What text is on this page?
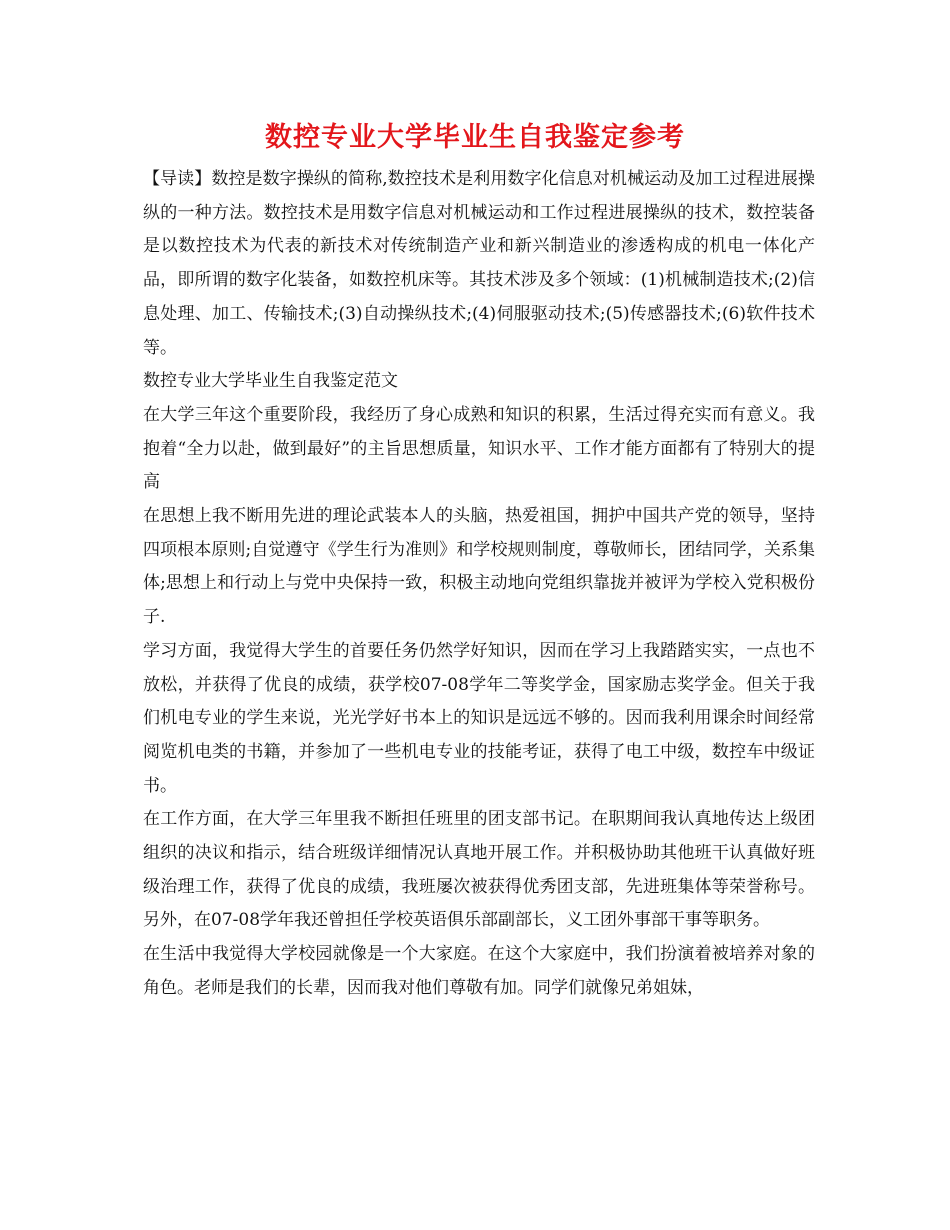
数控专业大学毕业生自我鉴定参考

【导读】数控是数字操纵的简称,数控技术是利用数字化信息对机械运动及加工过程进展操纵的一种方法。数控技术是用数字信息对机械运动和工作过程进展操纵的技术，数控装备是以数控技术为代表的新技术对传统制造产业和新兴制造业的渗透构成的机电一体化产品，即所谓的数字化装备，如数控机床等。其技术涉及多个领域：(1)机械制造技术;(2)信息处理、加工、传输技术;(3)自动操纵技术;(4)伺服驱动技术;(5)传感器技术;(6)软件技术等。

数控专业大学毕业生自我鉴定范文

在大学三年这个重要阶段，我经历了身心成熟和知识的积累，生活过得充实而有意义。我抱着“全力以赴，做到最好”的主旨思想质量，知识水平、工作才能方面都有了特别大的提高

在思想上我不断用先进的理论武装本人的头脑，热爱祖国，拥护中国共产党的领导，坚持四项根本原则;自觉遵守《学生行为准则》和学校规则制度，尊敬师长，团结同学，关系集体;思想上和行动上与党中央保持一致，积极主动地向党组织靠拢并被评为学校入党积极份子.

学习方面，我觉得大学生的首要任务仍然学好知识，因而在学习上我踏踏实实，一点也不放松，并获得了优良的成绩，获学校07-08学年二等奖学金，国家励志奖学金。但关于我们机电专业的学生来说，光光学好书本上的知识是远远不够的。因而我利用课余时间经常阅览机电类的书籍，并参加了一些机电专业的技能考证，获得了电工中级，数控车中级证书。

在工作方面，在大学三年里我不断担任班里的团支部书记。在职期间我认真地传达上级团组织的决议和指示，结合班级详细情况认真地开展工作。并积极协助其他班干认真做好班级治理工作，获得了优良的成绩，我班屡次被获得优秀团支部，先进班集体等荣誉称号。另外，在07-08学年我还曾担任学校英语俱乐部副部长，义工团外事部干事等职务。

在生活中我觉得大学校园就像是一个大家庭。在这个大家庭中，我们扮演着被培养对象的角色。老师是我们的长辈，因而我对他们尊敬有加。同学们就像兄弟姐妹，
